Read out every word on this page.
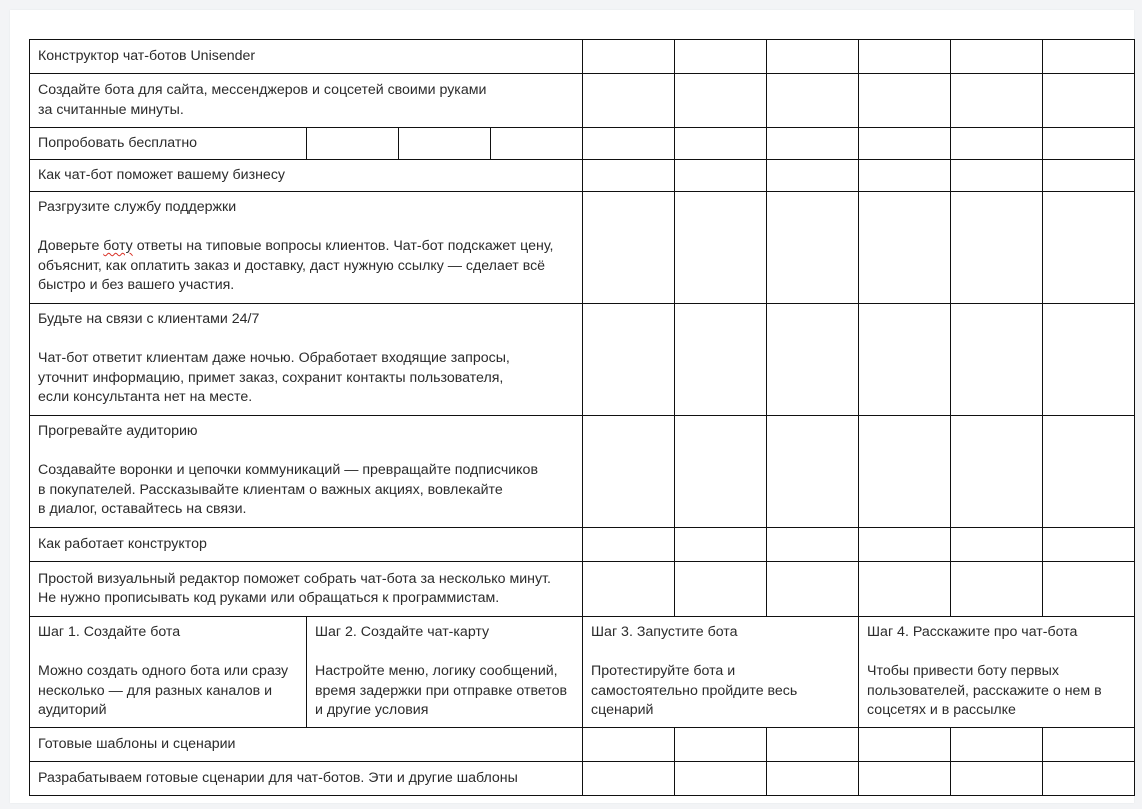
Конструктор чат-ботов Unisender									

Создайте бота для сайта, мессенджеров и соцсетей своими руками
за считанные минуты.									

Попробовать бесплатно									
Как чат-бот поможет вашему бизнесу									

Разгрузите службу поддержки
Доверьте боту ответы на типовые вопросы клиентов. Чат-бот подскажет цену,
объяснит, как оплатить заказ и доставку, даст нужную ссылку — сделает всё
быстро и без вашего участия.									

Будьте на связи с клиентами 24/7
Чат-бот ответит клиентам даже ночью. Обработает входящие запросы,
уточнит информацию, примет заказ, сохранит контакты пользователя,
если консультанта нет на месте.									

Прогревайте аудиторию
Создавайте воронки и цепочки коммуникаций — превращайте подписчиков
в покупателей. Рассказывайте клиентам о важных акциях, вовлекайте
в диалог, оставайтесь на связи.									

Как работает конструктор									

Простой визуальный редактор поможет собрать чат-бота за несколько минут.
Не нужно прописывать код руками или обращаться к программистам.									

Шаг 1. Создайте бота
Можно создать одного бота или сразу
несколько — для разных каналов и
аудиторий	Шаг 2. Создайте чат-карту
Настройте меню, логику сообщений,
время задержки при отправке ответов
и другие условия			Шаг 3. Запустите бота
Протестируйте бота и
самостоятельно пройдите весь
сценарий			Шаг 4. Расскажите про чат-бота
Чтобы привести боту первых
пользователей, расскажите о нем в
соцсетях и в рассылке		

Готовые шаблоны и сценарии									
Разрабатываем готовые сценарии для чат-ботов. Эти и другие шаблоны									
